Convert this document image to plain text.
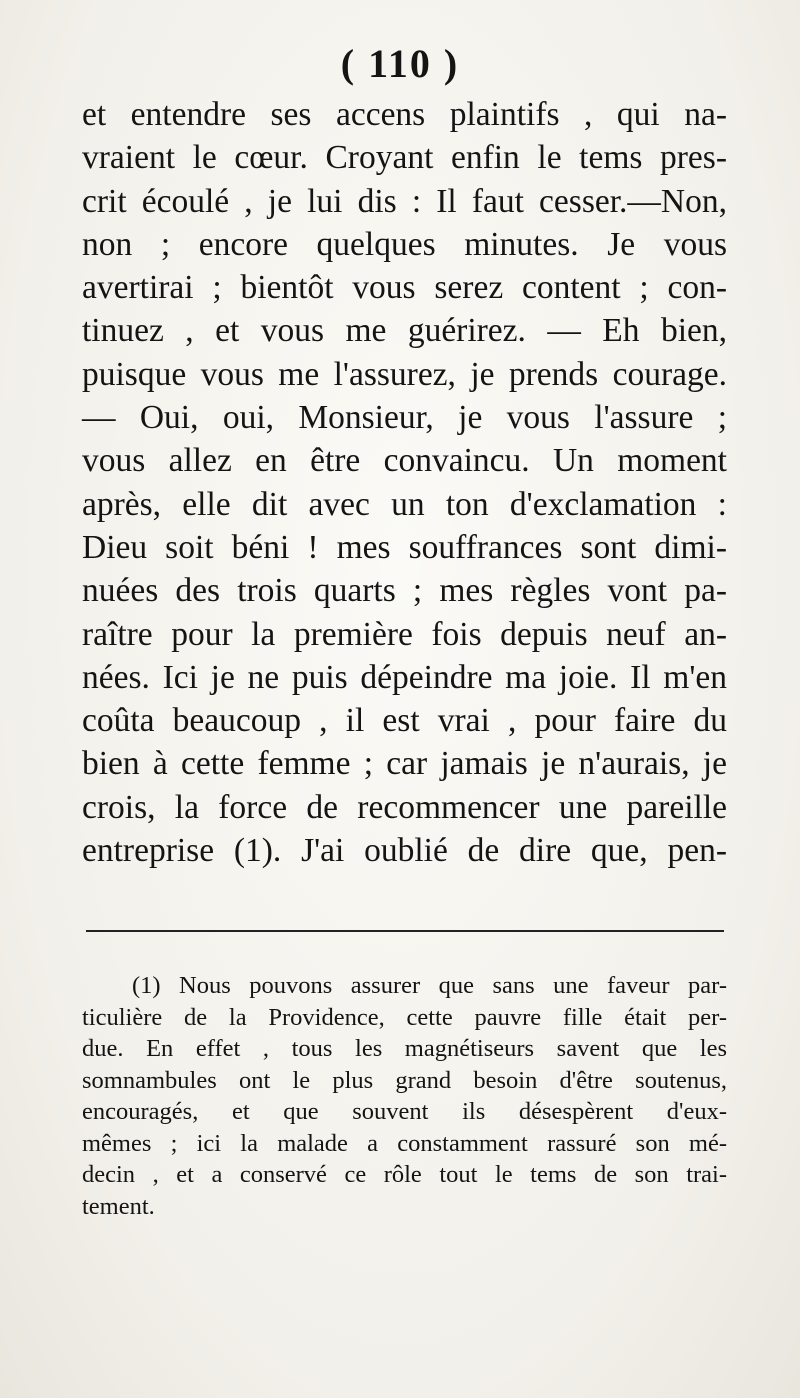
( 110 )
et entendre ses accens plaintifs , qui na-
vraient le cœur. Croyant enfin le tems pres-
crit écoulé , je lui dis : Il faut cesser.—Non,
non ; encore quelques minutes. Je vous
avertirai ; bientôt vous serez content ; con-
tinuez , et vous me guérirez. — Eh bien,
puisque vous me l'assurez, je prends courage.
— Oui, oui, Monsieur, je vous l'assure ;
vous allez en être convaincu. Un moment
après, elle dit avec un ton d'exclamation :
Dieu soit béni ! mes souffrances sont dimi-
nuées des trois quarts ; mes règles vont pa-
raître pour la première fois depuis neuf an-
nées. Ici je ne puis dépeindre ma joie. Il m'en
coûta beaucoup , il est vrai , pour faire du
bien à cette femme ; car jamais je n'aurais, je
crois, la force de recommencer une pareille
entreprise (1). J'ai oublié de dire que, pen-
(1) Nous pouvons assurer que sans une faveur par-
ticulière de la Providence, cette pauvre fille était per-
due. En effet , tous les magnétiseurs savent que les
somnambules ont le plus grand besoin d'être soutenus,
encouragés, et que souvent ils désespèrent d'eux-
mêmes ; ici la malade a constamment rassuré son mé-
decin , et a conservé ce rôle tout le tems de son trai-
tement.
